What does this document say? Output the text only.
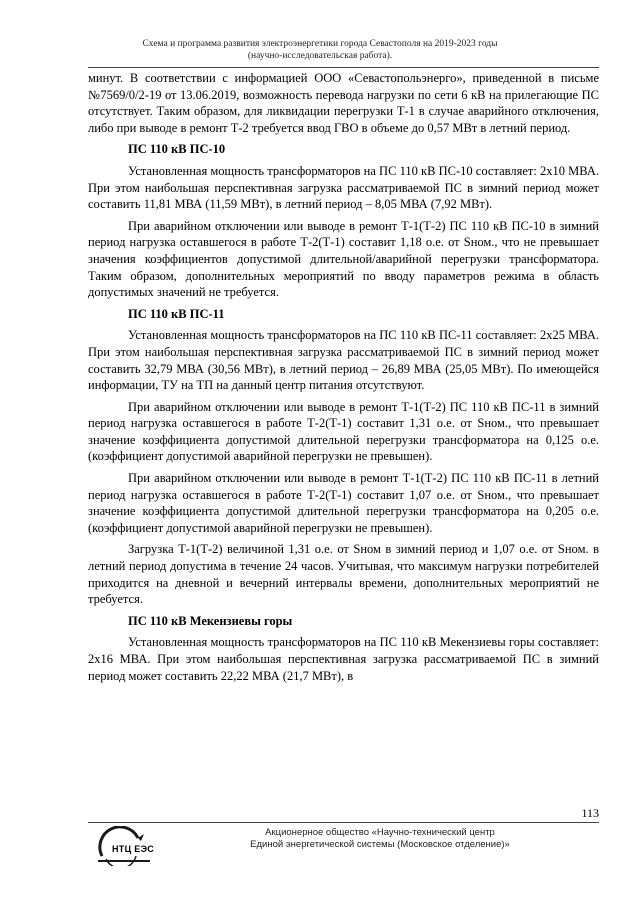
Схема и программа развития электроэнергетики города Севастополя на 2019-2023 годы
(научно-исследовательская работа).

минут. В соответствии с информацией ООО «Севастопольэнерго», приведенной в письме №7569/0/2-19 от 13.06.2019, возможность перевода нагрузки по сети 6 кВ на прилегающие ПС отсутствует. Таким образом, для ликвидации перегрузки Т-1 в случае аварийного отключения, либо при выводе в ремонт Т-2 требуется ввод ГВО в объеме до 0,57 МВт в летний период.

ПС 110 кВ ПС-10

Установленная мощность трансформаторов на ПС 110 кВ ПС-10 составляет: 2х10 МВА. При этом наибольшая перспективная загрузка рассматриваемой ПС в зимний период может составить 11,81 МВА (11,59 МВт), в летний период – 8,05 МВА (7,92 МВт).

При аварийном отключении или выводе в ремонт Т-1(Т-2) ПС 110 кВ ПС-10 в зимний период нагрузка оставшегося в работе Т-2(Т-1) составит 1,18 о.е. от Sном., что не превышает значения коэффициентов допустимой длительной/аварийной перегрузки трансформатора. Таким образом, дополнительных мероприятий по вводу параметров режима в область допустимых значений не требуется.

ПС 110 кВ ПС-11

Установленная мощность трансформаторов на ПС 110 кВ ПС-11 составляет: 2х25 МВА. При этом наибольшая перспективная загрузка рассматриваемой ПС в зимний период может составить 32,79 МВА (30,56 МВт), в летний период – 26,89 МВА (25,05 МВт). По имеющейся информации, ТУ на ТП на данный центр питания отсутствуют.

При аварийном отключении или выводе в ремонт Т-1(Т-2) ПС 110 кВ ПС-11 в зимний период нагрузка оставшегося в работе Т-2(Т-1) составит 1,31 о.е. от Sном., что превышает значение коэффициента допустимой длительной перегрузки трансформатора на 0,125 о.е. (коэффициент допустимой аварийной перегрузки не превышен).

При аварийном отключении или выводе в ремонт Т-1(Т-2) ПС 110 кВ ПС-11 в летний период нагрузка оставшегося в работе Т-2(Т-1) составит 1,07 о.е. от Sном., что превышает значение коэффициента допустимой длительной перегрузки трансформатора на 0,205 о.е. (коэффициент допустимой аварийной перегрузки не превышен).

Загрузка Т-1(Т-2) величиной 1,31 о.е. от Sном в зимний период и 1,07 о.е. от Sном. в летний период допустима в течение 24 часов. Учитывая, что максимум нагрузки потребителей приходится на дневной и вечерний интервалы времени, дополнительных мероприятий не требуется.

ПС 110 кВ Мекензиевы горы

Установленная мощность трансформаторов на ПС 110 кВ Мекензиевы горы составляет: 2х16 МВА. При этом наибольшая перспективная загрузка рассматриваемой ПС в зимний период может составить 22,22 МВА (21,7 МВт), в

113
НТЦ ЕЭС
Акционерное общество «Научно-технический центр
Единой энергетической системы (Московское отделение)»
